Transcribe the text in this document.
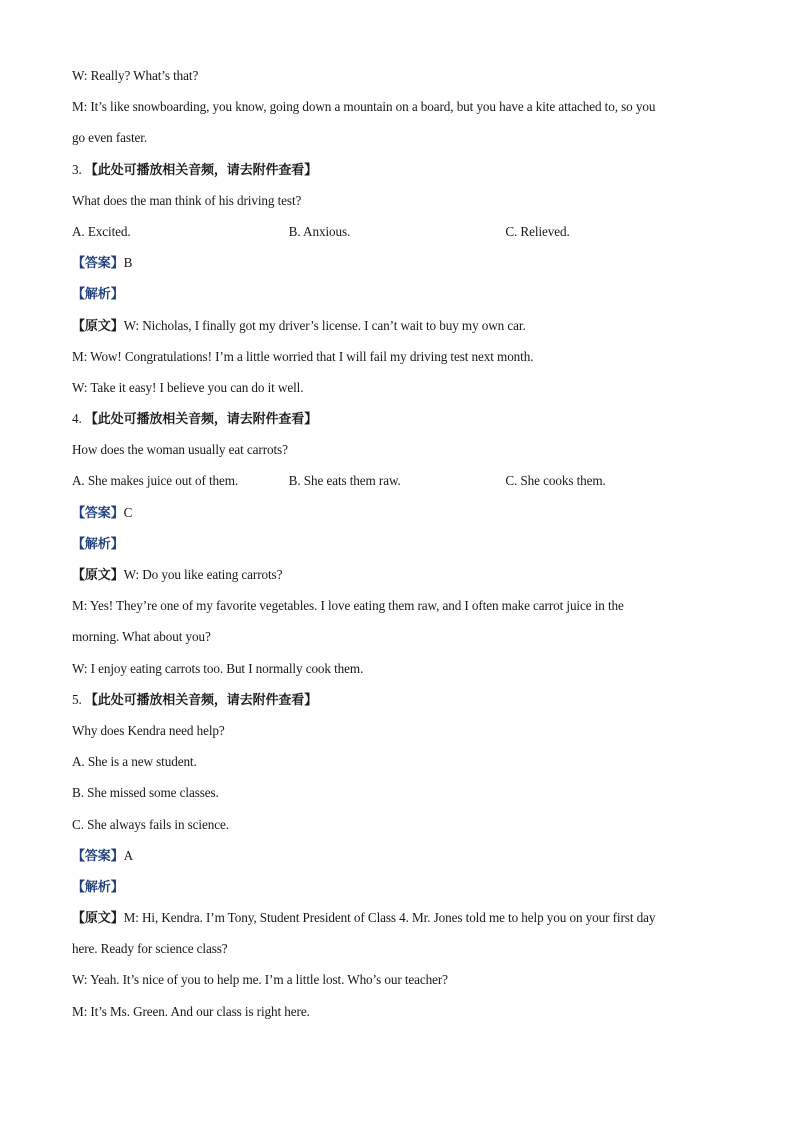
W: Really? What’s that?
M: It’s like snowboarding, you know, going down a mountain on a board, but you have a kite attached to, so you
go even faster.
3. 【此处可播放相关音频，请去附件查看】
What does the man think of his driving test?
A. Excited.	B. Anxious.	C. Relieved.
【答案】B
【解析】
【原文】W: Nicholas, I finally got my driver’s license. I can’t wait to buy my own car.
M: Wow! Congratulations! I’m a little worried that I will fail my driving test next month.
W: Take it easy! I believe you can do it well.
4. 【此处可播放相关音频，请去附件查看】
How does the woman usually eat carrots?
A. She makes juice out of them.	B. She eats them raw.	C. She cooks them.
【答案】C
【解析】
【原文】W: Do you like eating carrots?
M: Yes! They’re one of my favorite vegetables. I love eating them raw, and I often make carrot juice in the
morning. What about you?
W: I enjoy eating carrots too. But I normally cook them.
5. 【此处可播放相关音频，请去附件查看】
Why does Kendra need help?
A. She is a new student.
B. She missed some classes.
C. She always fails in science.
【答案】A
【解析】
【原文】M: Hi, Kendra. I’m Tony, Student President of Class 4. Mr. Jones told me to help you on your first day
here. Ready for science class?
W: Yeah. It’s nice of you to help me. I’m a little lost. Who’s our teacher?
M: It’s Ms. Green. And our class is right here.
